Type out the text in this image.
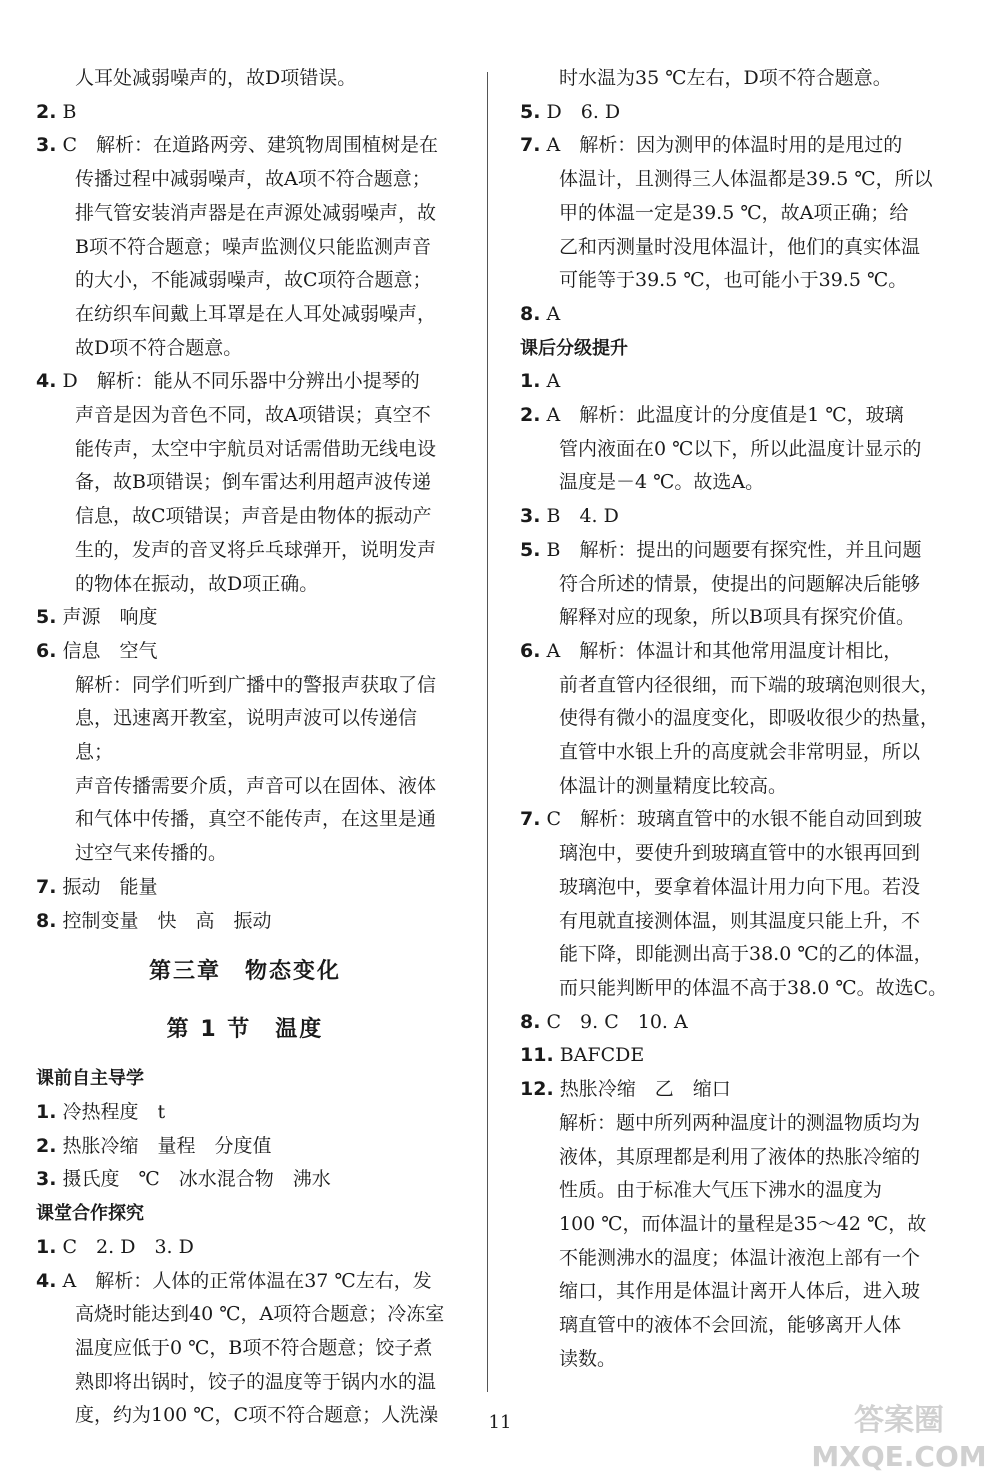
人耳处减弱噪声的，故D项错误。
2. B
3. C　解析：在道路两旁、建筑物周围植树是在
传播过程中减弱噪声，故A项不符合题意；
排气管安装消声器是在声源处减弱噪声，故
B项不符合题意；噪声监测仪只能监测声音
的大小，不能减弱噪声，故C项符合题意；
在纺织车间戴上耳罩是在人耳处减弱噪声，
故D项不符合题意。
4. D　解析：能从不同乐器中分辨出小提琴的
声音是因为音色不同，故A项错误；真空不
能传声，太空中宇航员对话需借助无线电设
备，故B项错误；倒车雷达利用超声波传递
信息，故C项错误；声音是由物体的振动产
生的，发声的音叉将乒乓球弹开，说明发声
的物体在振动，故D项正确。
5. 声源　响度
6. 信息　空气
解析：同学们听到广播中的警报声获取了信
息，迅速离开教室，说明声波可以传递信息；
声音传播需要介质，声音可以在固体、液体
和气体中传播，真空不能传声，在这里是通
过空气来传播的。
7. 振动　能量
8. 控制变量　快　高　振动
第三章　物态变化
第 1 节　温度
课前自主导学
1. 冷热程度　t
2. 热胀冷缩　量程　分度值
3. 摄氏度　℃　冰水混合物　沸水
课堂合作探究
1. C　2. D　3. D
4. A　解析：人体的正常体温在37 ℃左右，发
高烧时能达到40 ℃，A项符合题意；冷冻室
温度应低于0 ℃，B项不符合题意；饺子煮
熟即将出锅时，饺子的温度等于锅内水的温
度，约为100 ℃，C项不符合题意；人洗澡
时水温为35 ℃左右，D项不符合题意。
5. D　6. D
7. A　解析：因为测甲的体温时用的是甩过的
体温计，且测得三人体温都是39.5 ℃，所以
甲的体温一定是39.5 ℃，故A项正确；给
乙和丙测量时没甩体温计，他们的真实体温
可能等于39.5 ℃，也可能小于39.5 ℃。
8. A
课后分级提升
1. A
2. A　解析：此温度计的分度值是1 ℃，玻璃
管内液面在0 ℃以下，所以此温度计显示的
温度是－4 ℃。故选A。
3. B　4. D
5. B　解析：提出的问题要有探究性，并且问题
符合所述的情景，使提出的问题解决后能够
解释对应的现象，所以B项具有探究价值。
6. A　解析：体温计和其他常用温度计相比，
前者直管内径很细，而下端的玻璃泡则很大，
使得有微小的温度变化，即吸收很少的热量，
直管中水银上升的高度就会非常明显，所以
体温计的测量精度比较高。
7. C　解析：玻璃直管中的水银不能自动回到玻
璃泡中，要使升到玻璃直管中的水银再回到
玻璃泡中，要拿着体温计用力向下甩。若没
有甩就直接测体温，则其温度只能上升，不
能下降，即能测出高于38.0 ℃的乙的体温，
而只能判断甲的体温不高于38.0 ℃。故选C。
8. C　9. C　10. A
11. BAFCDE
12. 热胀冷缩　乙　缩口
解析：题中所列两种温度计的测温物质均为
液体，其原理都是利用了液体的热胀冷缩的
性质。由于标准大气压下沸水的温度为
100 ℃，而体温计的量程是35～42 ℃，故
不能测沸水的温度；体温计液泡上部有一个
缩口，其作用是体温计离开人体后，进入玻
璃直管中的液体不会回流，能够离开人体
读数。
11	答案圈
MXQE.COM
